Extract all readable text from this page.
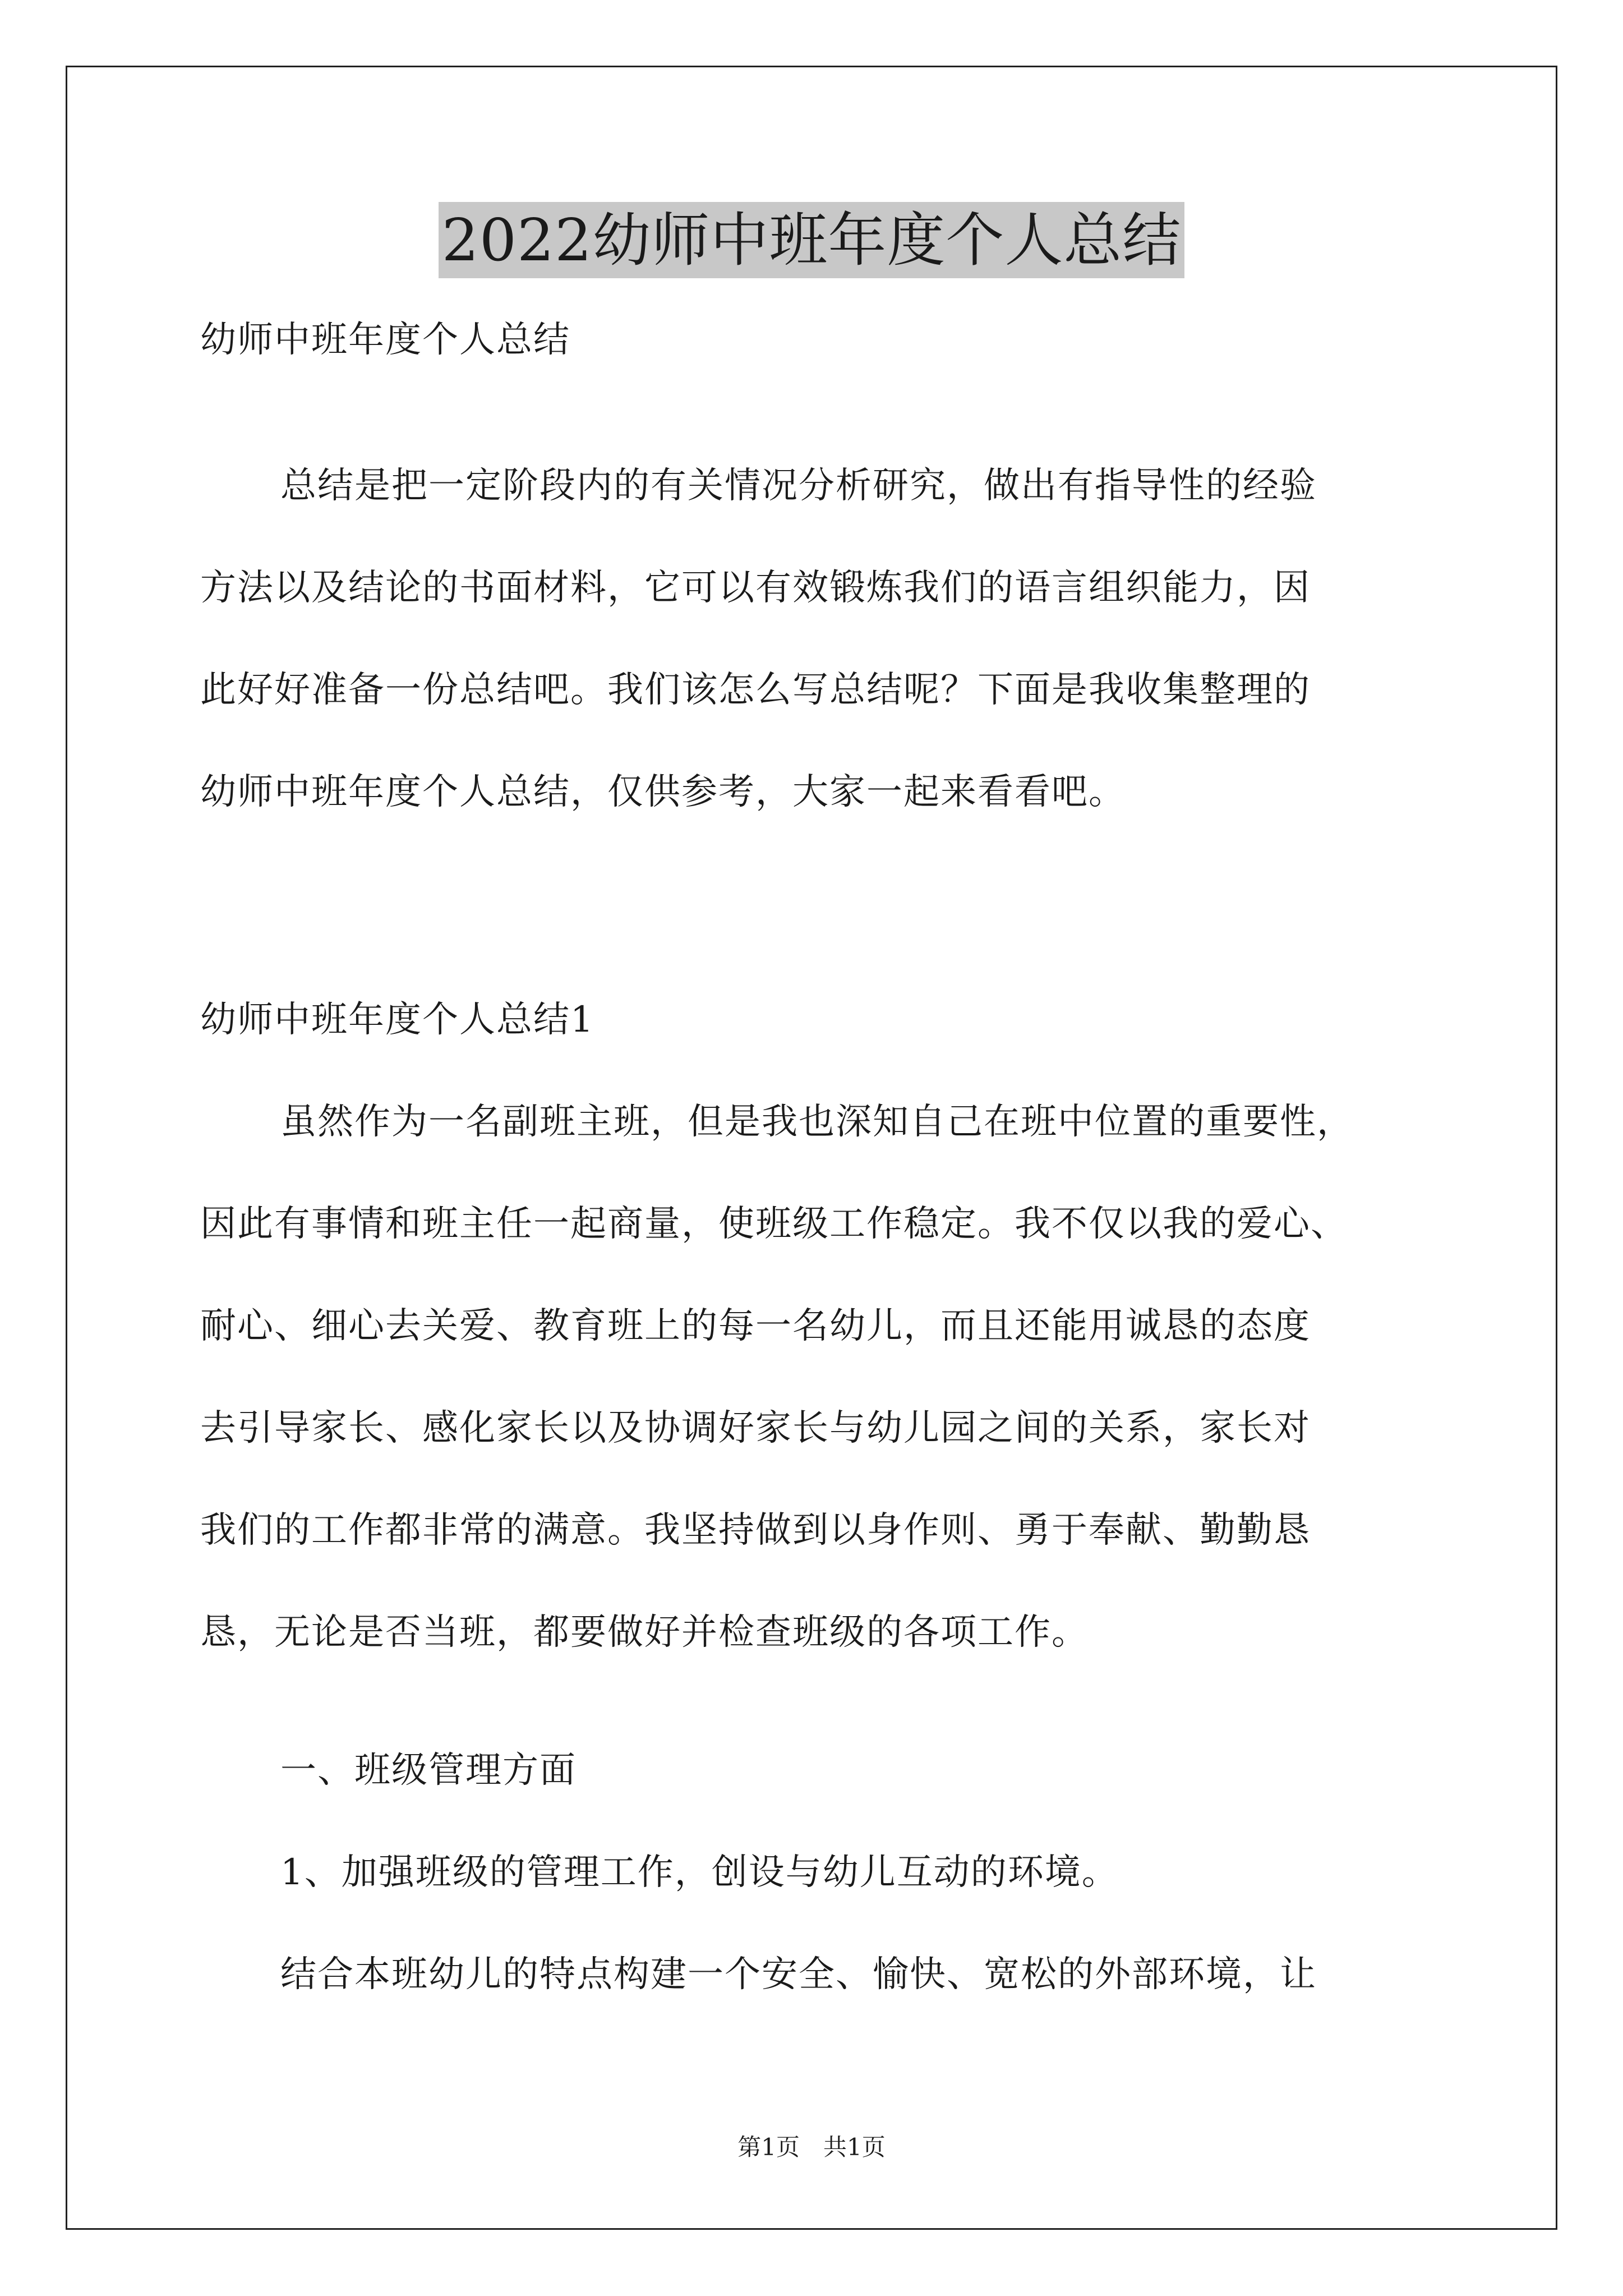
2022幼师中班年度个人总结
幼师中班年度个人总结
总结是把一定阶段内的有关情况分析研究，做出有指导性的经验
方法以及结论的书面材料，它可以有效锻炼我们的语言组织能力，因
此好好准备一份总结吧。我们该怎么写总结呢？下面是我收集整理的
幼师中班年度个人总结，仅供参考，大家一起来看看吧。
幼师中班年度个人总结1
虽然作为一名副班主班，但是我也深知自己在班中位置的重要性，
因此有事情和班主任一起商量，使班级工作稳定。我不仅以我的爱心、
耐心、细心去关爱、教育班上的每一名幼儿，而且还能用诚恳的态度
去引导家长、感化家长以及协调好家长与幼儿园之间的关系，家长对
我们的工作都非常的满意。我坚持做到以身作则、勇于奉献、勤勤恳
恳，无论是否当班，都要做好并检查班级的各项工作。
一、班级管理方面
1、加强班级的管理工作，创设与幼儿互动的环境。
结合本班幼儿的特点构建一个安全、愉快、宽松的外部环境，让
第1页　共1页
